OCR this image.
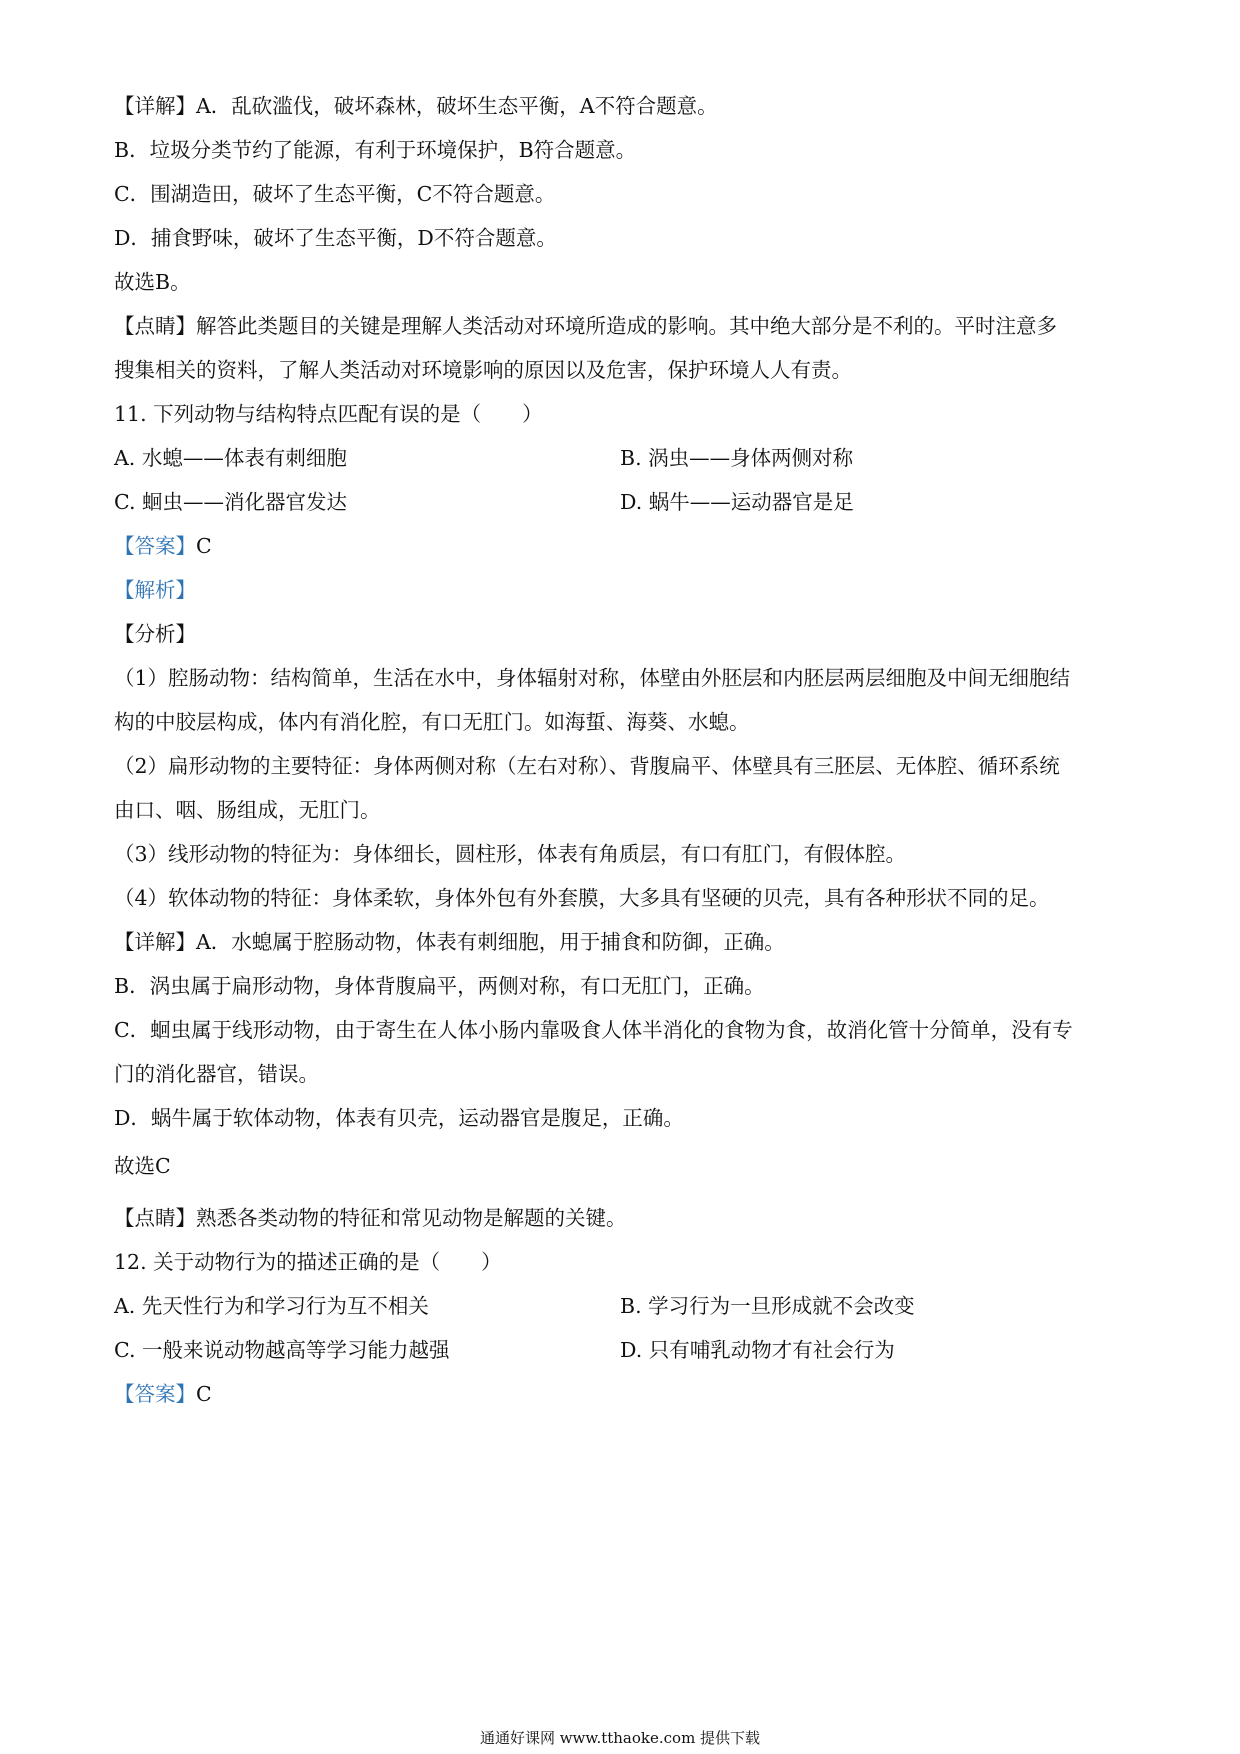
【详解】A．乱砍滥伐，破坏森林，破坏生态平衡，A不符合题意。
B．垃圾分类节约了能源，有利于环境保护，B符合题意。
C．围湖造田，破坏了生态平衡，C不符合题意。
D．捕食野味，破坏了生态平衡，D不符合题意。
故选B。
【点睛】解答此类题目的关键是理解人类活动对环境所造成的影响。其中绝大部分是不利的。平时注意多
搜集相关的资料，了解人类活动对环境影响的原因以及危害，保护环境人人有责。
11. 下列动物与结构特点匹配有误的是（　　）
A. 水螅——体表有刺细胞	B. 涡虫——身体两侧对称
C. 蛔虫——消化器官发达	D. 蜗牛——运动器官是足
【答案】C
【解析】
【分析】
（1）腔肠动物：结构简单，生活在水中，身体辐射对称，体壁由外胚层和内胚层两层细胞及中间无细胞结
构的中胶层构成，体内有消化腔，有口无肛门。如海蜇、海葵、水螅。
（2）扁形动物的主要特征：身体两侧对称（左右对称）、背腹扁平、体壁具有三胚层、无体腔、循环系统
由口、咽、肠组成，无肛门。
（3）线形动物的特征为：身体细长，圆柱形，体表有角质层，有口有肛门，有假体腔。
（4）软体动物的特征：身体柔软，身体外包有外套膜，大多具有坚硬的贝壳，具有各种形状不同的足。
【详解】A．水螅属于腔肠动物，体表有刺细胞，用于捕食和防御，正确。
B．涡虫属于扁形动物，身体背腹扁平，两侧对称，有口无肛门，正确。
C．蛔虫属于线形动物，由于寄生在人体小肠内靠吸食人体半消化的食物为食，故消化管十分简单，没有专
门的消化器官，错误。
D．蜗牛属于软体动物，体表有贝壳，运动器官是腹足，正确。
故选C
【点睛】熟悉各类动物的特征和常见动物是解题的关键。
12. 关于动物行为的描述正确的是（　　）
A. 先天性行为和学习行为互不相关	B. 学习行为一旦形成就不会改变
C. 一般来说动物越高等学习能力越强	D. 只有哺乳动物才有社会行为
【答案】C
通通好课网 www.tthaoke.com 提供下载
